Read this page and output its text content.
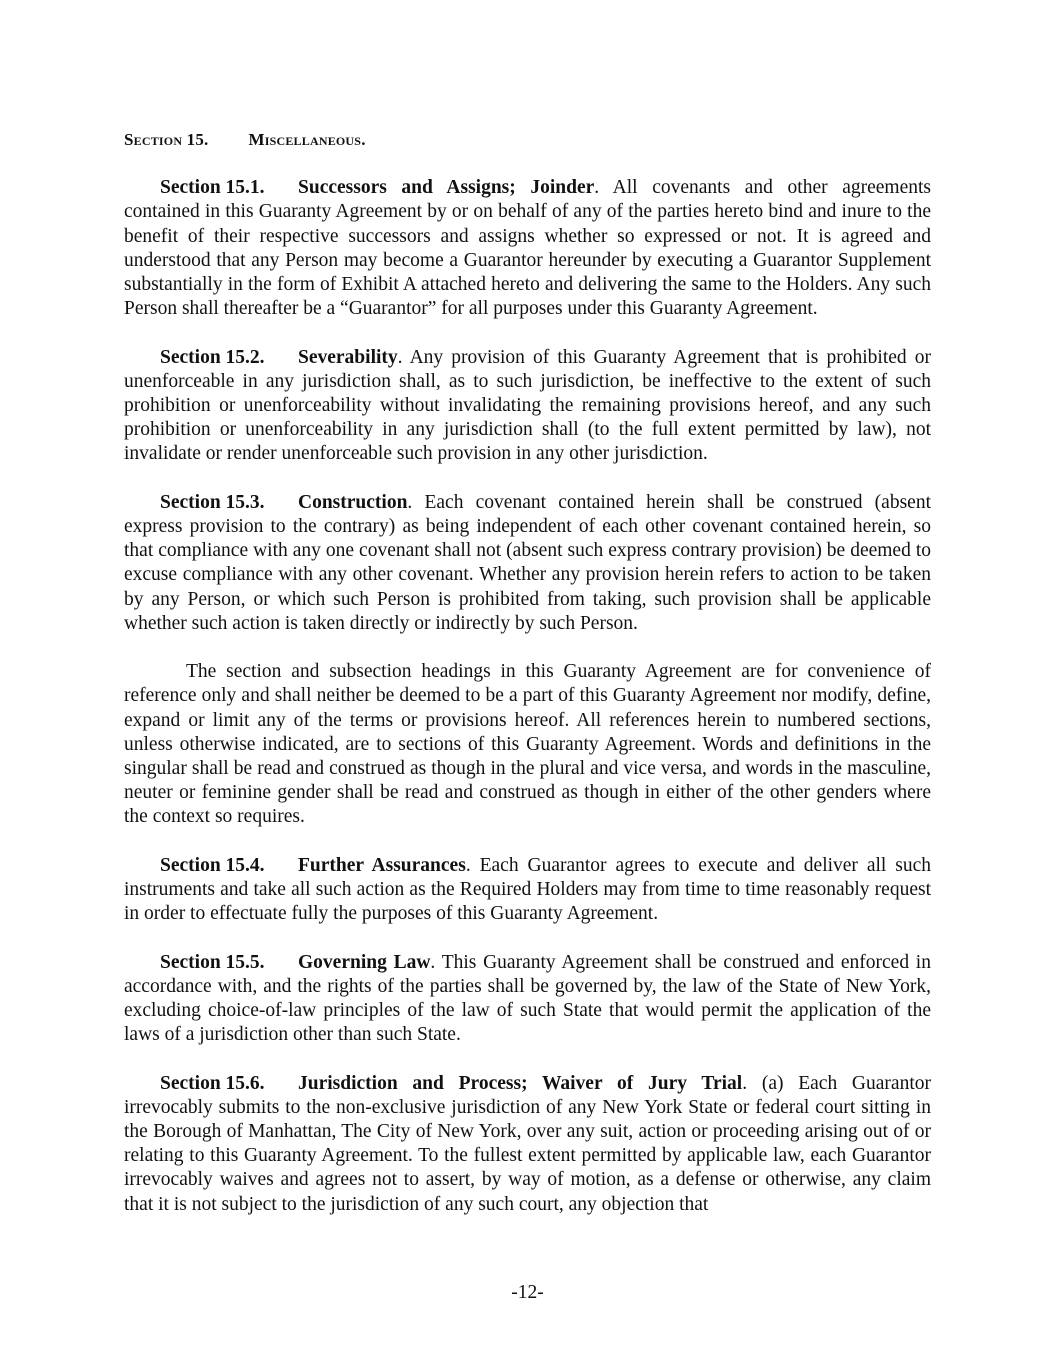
Section 15. Miscellaneous.

Section 15.1. Successors and Assigns; Joinder. All covenants and other agreements contained in this Guaranty Agreement by or on behalf of any of the parties hereto bind and inure to the benefit of their respective successors and assigns whether so expressed or not. It is agreed and understood that any Person may become a Guarantor hereunder by executing a Guarantor Supplement substantially in the form of Exhibit A attached hereto and delivering the same to the Holders. Any such Person shall thereafter be a “Guarantor” for all purposes under this Guaranty Agreement.

Section 15.2. Severability. Any provision of this Guaranty Agreement that is prohibited or unenforceable in any jurisdiction shall, as to such jurisdiction, be ineffective to the extent of such prohibition or unenforceability without invalidating the remaining provisions hereof, and any such prohibition or unenforceability in any jurisdiction shall (to the full extent permitted by law), not invalidate or render unenforceable such provision in any other jurisdiction.

Section 15.3. Construction. Each covenant contained herein shall be construed (absent express provision to the contrary) as being independent of each other covenant contained herein, so that compliance with any one covenant shall not (absent such express contrary provision) be deemed to excuse compliance with any other covenant. Whether any provision herein refers to action to be taken by any Person, or which such Person is prohibited from taking, such provision shall be applicable whether such action is taken directly or indirectly by such Person.

The section and subsection headings in this Guaranty Agreement are for convenience of reference only and shall neither be deemed to be a part of this Guaranty Agreement nor modify, define, expand or limit any of the terms or provisions hereof. All references herein to numbered sections, unless otherwise indicated, are to sections of this Guaranty Agreement. Words and definitions in the singular shall be read and construed as though in the plural and vice versa, and words in the masculine, neuter or feminine gender shall be read and construed as though in either of the other genders where the context so requires.

Section 15.4. Further Assurances. Each Guarantor agrees to execute and deliver all such instruments and take all such action as the Required Holders may from time to time reasonably request in order to effectuate fully the purposes of this Guaranty Agreement.

Section 15.5. Governing Law. This Guaranty Agreement shall be construed and enforced in accordance with, and the rights of the parties shall be governed by, the law of the State of New York, excluding choice-of-law principles of the law of such State that would permit the application of the laws of a jurisdiction other than such State.

Section 15.6. Jurisdiction and Process; Waiver of Jury Trial. (a) Each Guarantor irrevocably submits to the non-exclusive jurisdiction of any New York State or federal court sitting in the Borough of Manhattan, The City of New York, over any suit, action or proceeding arising out of or relating to this Guaranty Agreement. To the fullest extent permitted by applicable law, each Guarantor irrevocably waives and agrees not to assert, by way of motion, as a defense or otherwise, any claim that it is not subject to the jurisdiction of any such court, any objection that

-12-
